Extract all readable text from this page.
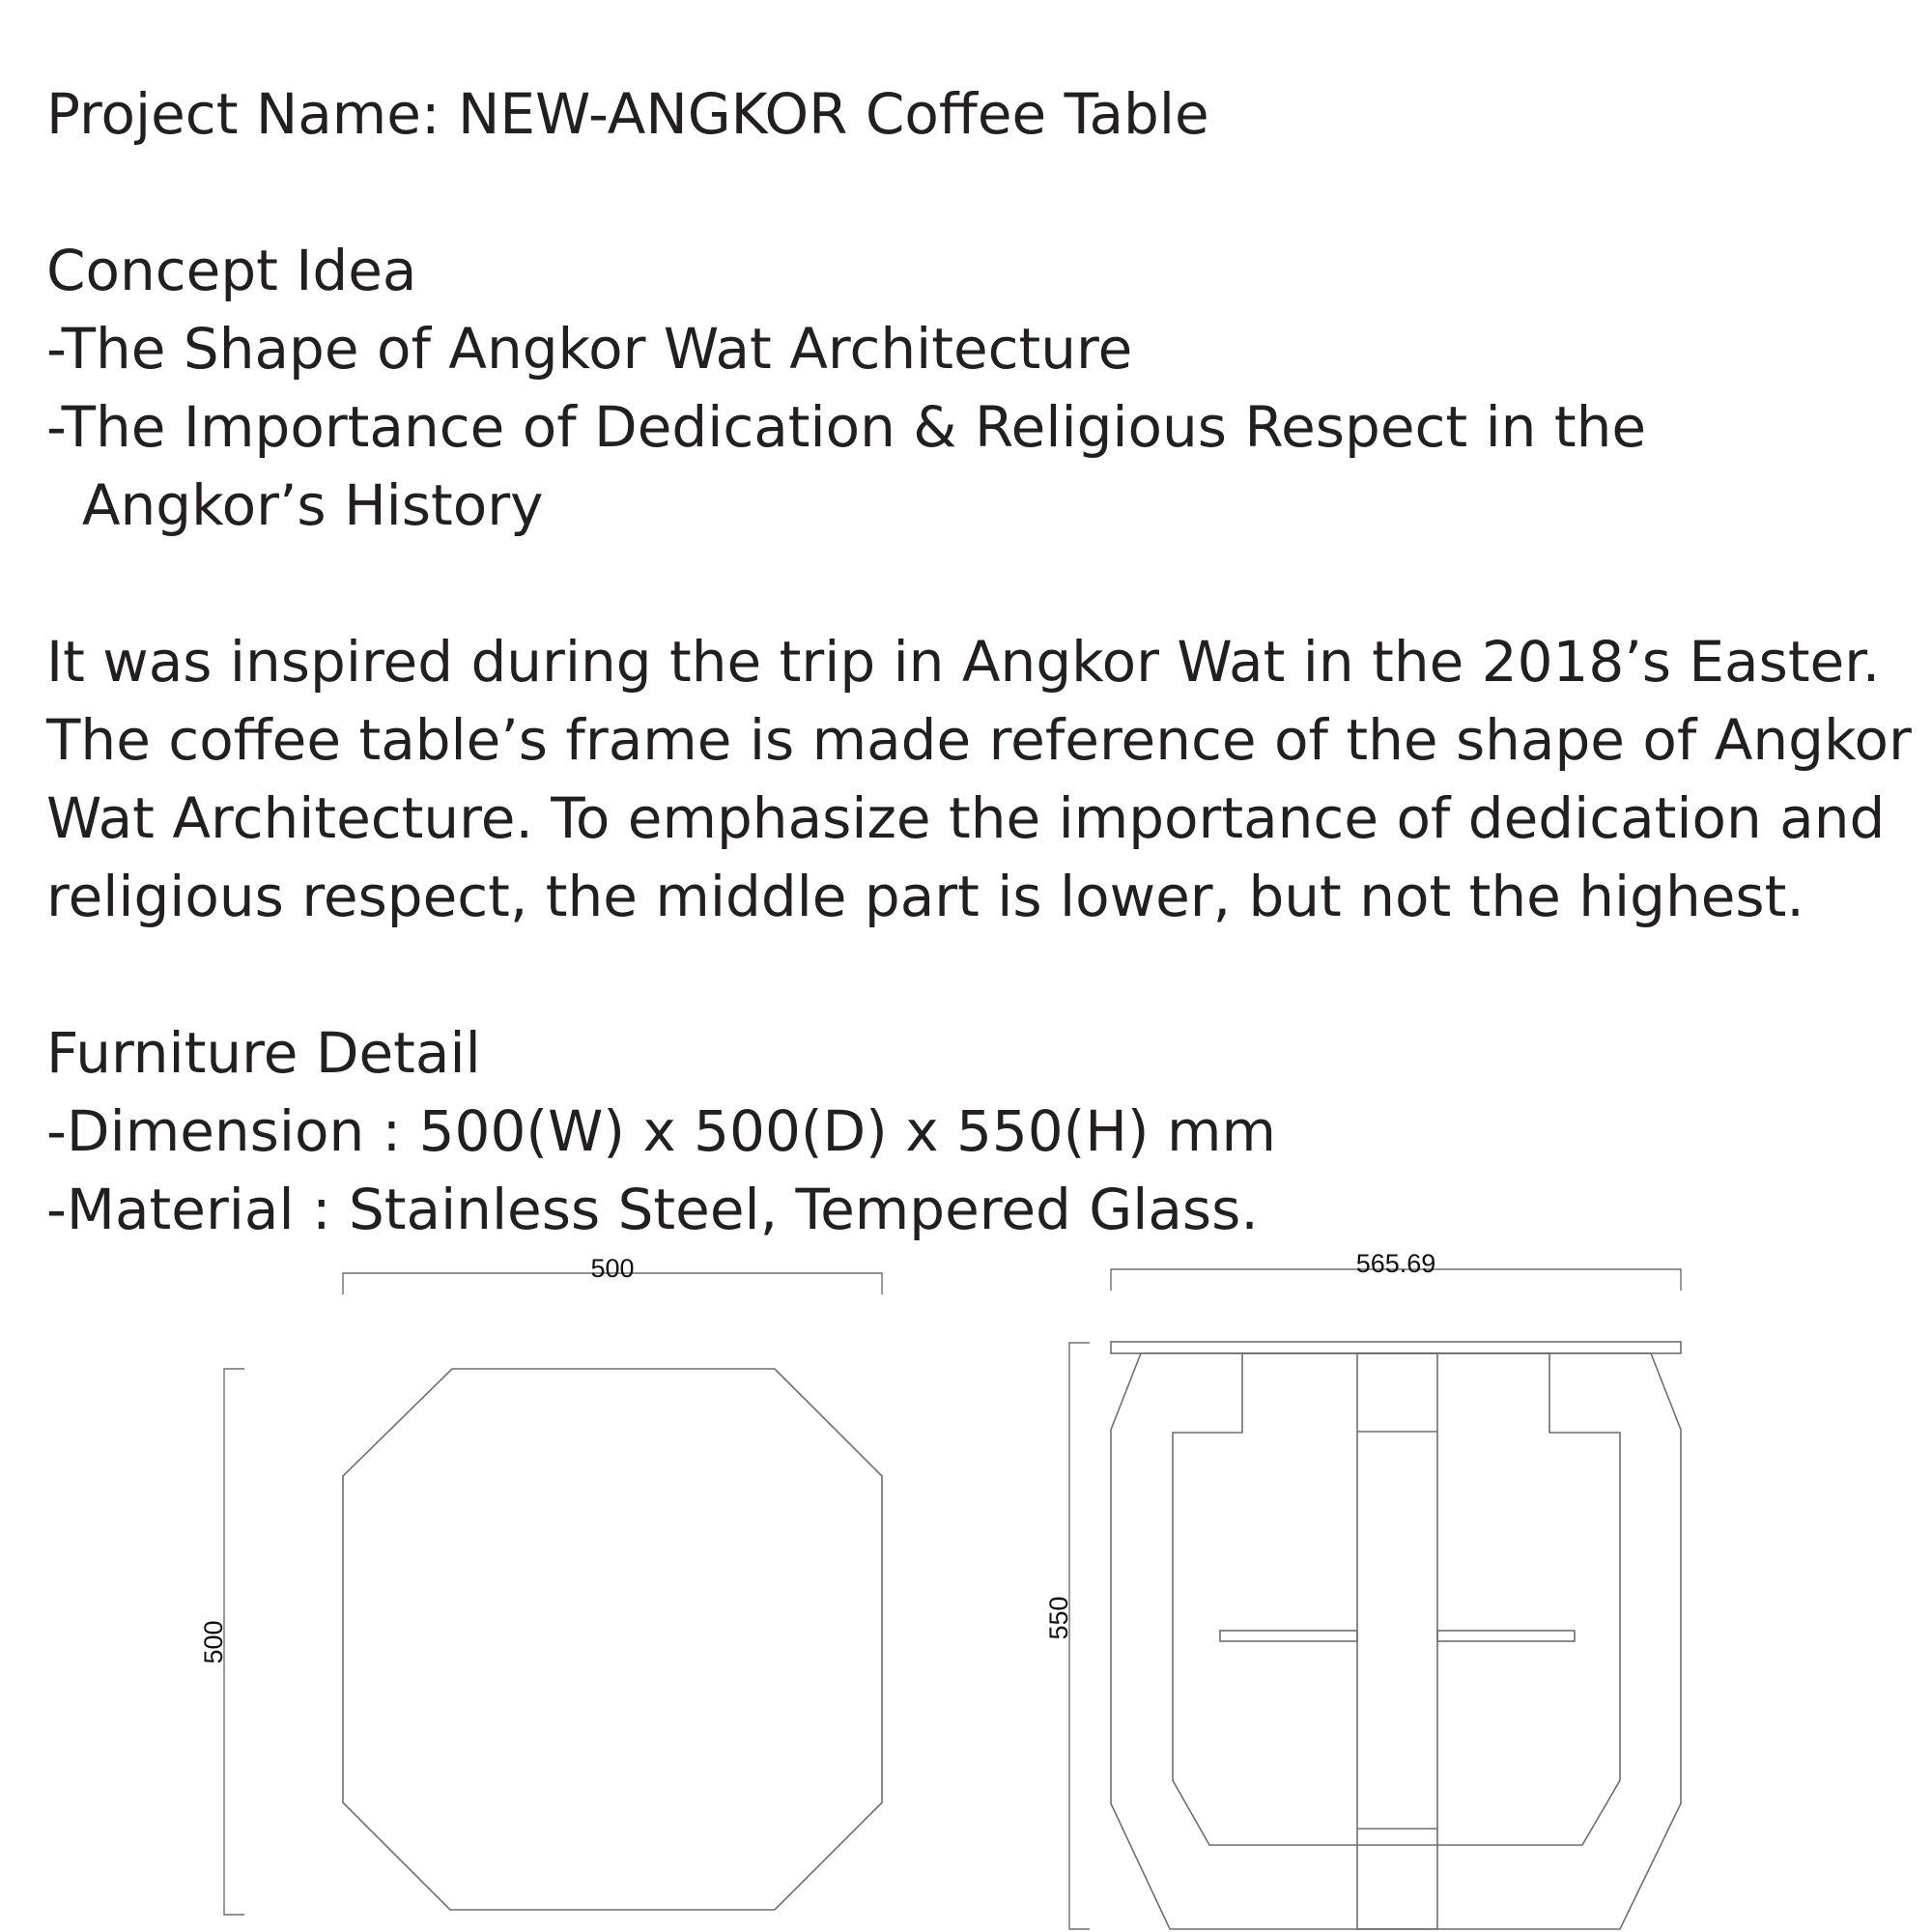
Project Name: NEW-ANGKOR Coffee Table
Concept Idea
-The Shape of Angkor Wat Architecture
-The Importance of Dedication & Religious Respect in the
Angkor’s History
It was inspired during the trip in Angkor Wat in the 2018’s Easter.
The coffee table’s frame is made reference of the shape of Angkor
Wat Architecture. To emphasize the importance of dedication and
religious respect, the middle part is lower, but not the highest.
Furniture Detail
-Dimension : 500(W) x 500(D) x 550(H) mm
-Material : Stainless Steel, Tempered Glass.
500
500
565.69
550
